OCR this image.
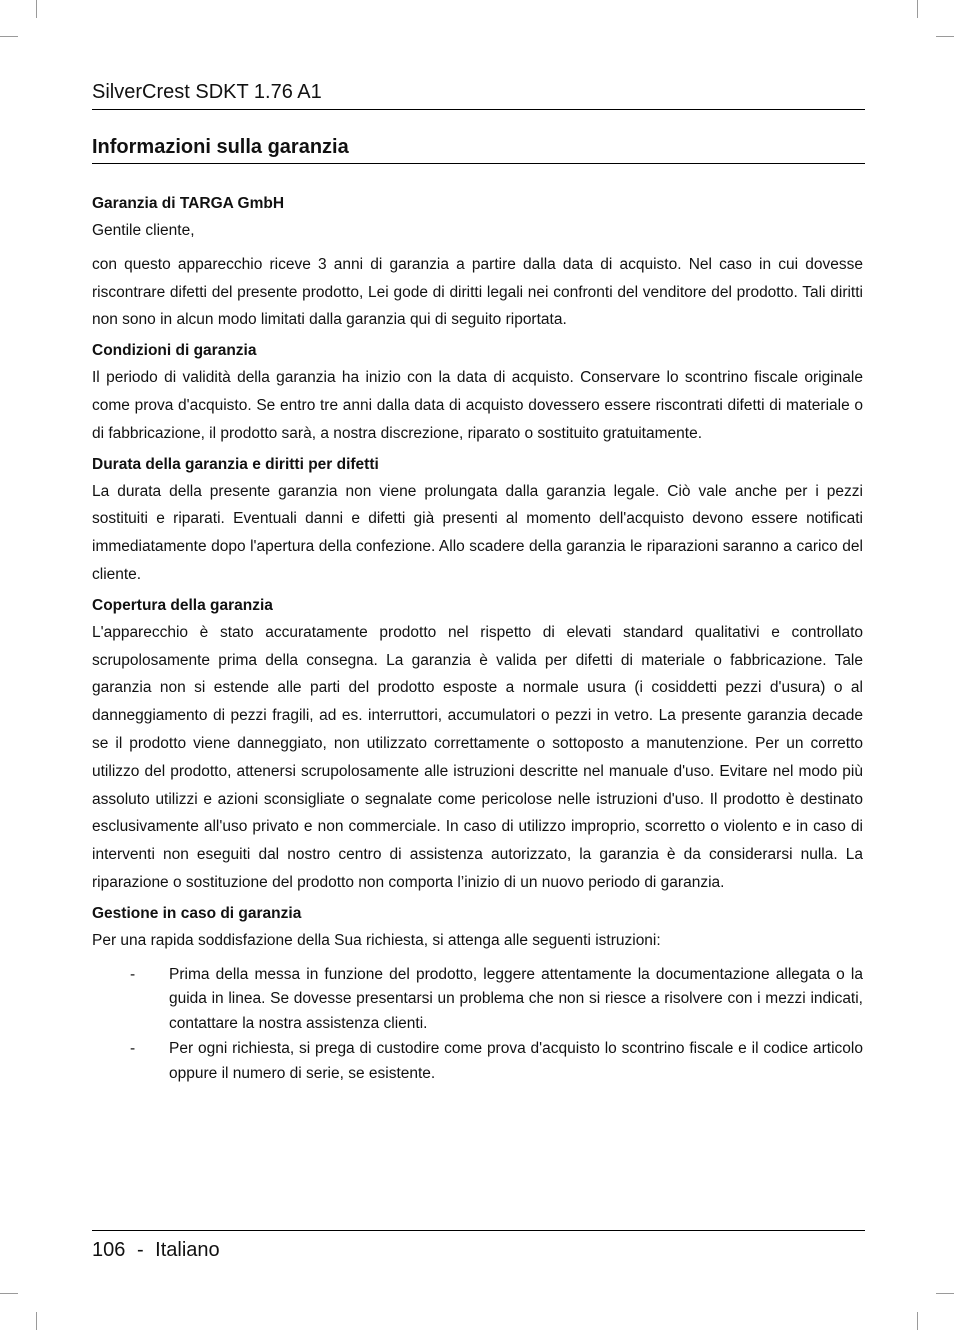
SilverCrest SDKT 1.76 A1
Informazioni sulla garanzia
Garanzia di TARGA GmbH

Gentile cliente,

con questo apparecchio riceve 3 anni di garanzia a partire dalla data di acquisto. Nel caso in cui dovesse riscontrare difetti del presente prodotto, Lei gode di diritti legali nei confronti del venditore del prodotto. Tali diritti non sono in alcun modo limitati dalla garanzia qui di seguito riportata.

Condizioni di garanzia

Il periodo di validità della garanzia ha inizio con la data di acquisto. Conservare lo scontrino fiscale originale come prova d'acquisto. Se entro tre anni dalla data di acquisto dovessero essere riscontrati difetti di materiale o di fabbricazione, il prodotto sarà, a nostra discrezione, riparato o sostituito gratuitamente.

Durata della garanzia e diritti per difetti

La durata della presente garanzia non viene prolungata dalla garanzia legale. Ciò vale anche per i pezzi sostituiti e riparati. Eventuali danni e difetti già presenti al momento dell'acquisto devono essere notificati immediatamente dopo l'apertura della confezione. Allo scadere della garanzia le riparazioni saranno a carico del cliente.

Copertura della garanzia

L'apparecchio è stato accuratamente prodotto nel rispetto di elevati standard qualitativi e controllato scrupolosamente prima della consegna. La garanzia è valida per difetti di materiale o fabbricazione. Tale garanzia non si estende alle parti del prodotto esposte a normale usura (i cosiddetti pezzi d'usura) o al danneggiamento di pezzi fragili, ad es. interruttori, accumulatori o pezzi in vetro. La presente garanzia decade se il prodotto viene danneggiato, non utilizzato correttamente o sottoposto a manutenzione. Per un corretto utilizzo del prodotto, attenersi scrupolosamente alle istruzioni descritte nel manuale d'uso. Evitare nel modo più assoluto utilizzi e azioni sconsigliate o segnalate come pericolose nelle istruzioni d'uso. Il prodotto è destinato esclusivamente all'uso privato e non commerciale. In caso di utilizzo improprio, scorretto o violento e in caso di interventi non eseguiti dal nostro centro di assistenza autorizzato, la garanzia è da considerarsi nulla. La riparazione o sostituzione del prodotto non comporta l’inizio di un nuovo periodo di garanzia.

Gestione in caso di garanzia

Per una rapida soddisfazione della Sua richiesta, si attenga alle seguenti istruzioni:

- Prima della messa in funzione del prodotto, leggere attentamente la documentazione allegata o la guida in linea. Se dovesse presentarsi un problema che non si riesce a risolvere con i mezzi indicati, contattare la nostra assistenza clienti.
- Per ogni richiesta, si prega di custodire come prova d'acquisto lo scontrino fiscale e il codice articolo oppure il numero di serie, se esistente.
106 - Italiano
